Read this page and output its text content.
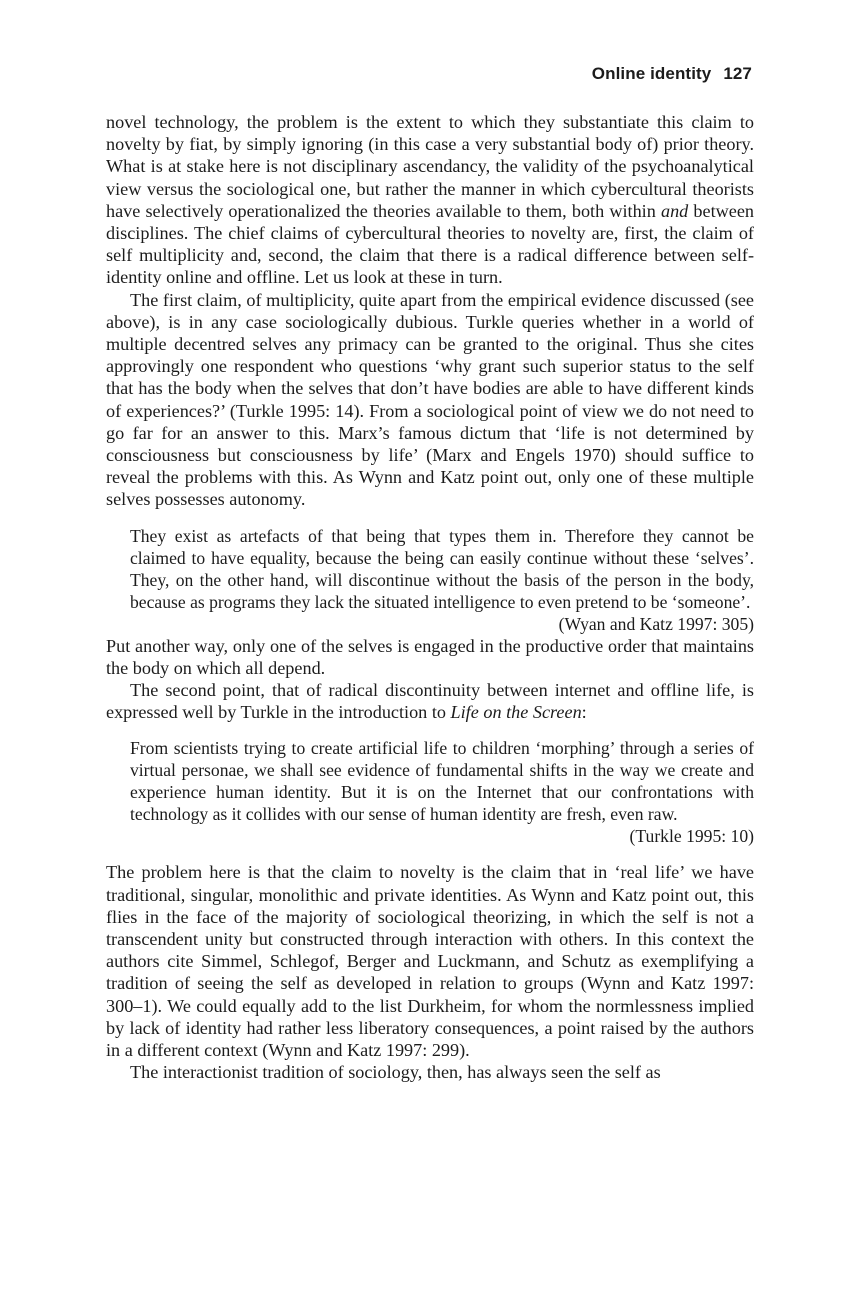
Online identity 127

novel technology, the problem is the extent to which they substantiate this claim to novelty by fiat, by simply ignoring (in this case a very substantial body of) prior theory. What is at stake here is not disciplinary ascendancy, the validity of the psychoanalytical view versus the sociological one, but rather the manner in which cybercultural theorists have selectively operationalized the theories available to them, both within and between disciplines. The chief claims of cybercultural theories to novelty are, first, the claim of self multiplicity and, second, the claim that there is a radical difference between self-identity online and offline. Let us look at these in turn.

The first claim, of multiplicity, quite apart from the empirical evidence discussed (see above), is in any case sociologically dubious. Turkle queries whether in a world of multiple decentred selves any primacy can be granted to the original. Thus she cites approvingly one respondent who questions ‘why grant such superior status to the self that has the body when the selves that don’t have bodies are able to have different kinds of experiences?’ (Turkle 1995: 14). From a sociological point of view we do not need to go far for an answer to this. Marx’s famous dictum that ‘life is not determined by consciousness but consciousness by life’ (Marx and Engels 1970) should suffice to reveal the problems with this. As Wynn and Katz point out, only one of these multiple selves possesses autonomy.

They exist as artefacts of that being that types them in. Therefore they cannot be claimed to have equality, because the being can easily continue without these ‘selves’. They, on the other hand, will discontinue without the basis of the person in the body, because as programs they lack the situated intelligence to even pretend to be ‘someone’.

(Wyan and Katz 1997: 305)

Put another way, only one of the selves is engaged in the productive order that maintains the body on which all depend.

The second point, that of radical discontinuity between internet and offline life, is expressed well by Turkle in the introduction to Life on the Screen:

From scientists trying to create artificial life to children ‘morphing’ through a series of virtual personae, we shall see evidence of fundamental shifts in the way we create and experience human identity. But it is on the Internet that our confrontations with technology as it collides with our sense of human identity are fresh, even raw.

(Turkle 1995: 10)

The problem here is that the claim to novelty is the claim that in ‘real life’ we have traditional, singular, monolithic and private identities. As Wynn and Katz point out, this flies in the face of the majority of sociological theorizing, in which the self is not a transcendent unity but constructed through interaction with others. In this context the authors cite Simmel, Schlegof, Berger and Luckmann, and Schutz as exemplifying a tradition of seeing the self as developed in relation to groups (Wynn and Katz 1997: 300–1). We could equally add to the list Durkheim, for whom the normlessness implied by lack of identity had rather less liberatory consequences, a point raised by the authors in a different context (Wynn and Katz 1997: 299).

The interactionist tradition of sociology, then, has always seen the self as
